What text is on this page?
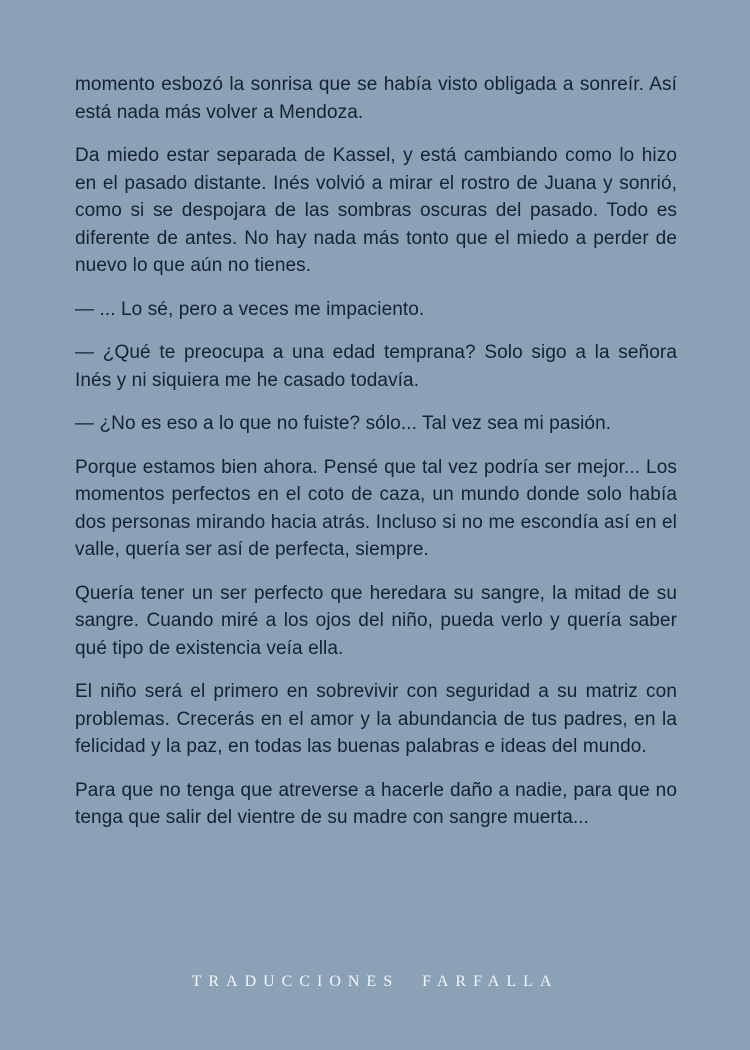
momento esbozó la sonrisa que se había visto obligada a sonreír. Así está nada más volver a Mendoza.

Da miedo estar separada de Kassel, y está cambiando como lo hizo en el pasado distante. Inés volvió a mirar el rostro de Juana y sonrió, como si se despojara de las sombras oscuras del pasado. Todo es diferente de antes. No hay nada más tonto que el miedo a perder de nuevo lo que aún no tienes.

— ... Lo sé, pero a veces me impaciento.

— ¿Qué te preocupa a una edad temprana? Solo sigo a la señora Inés y ni siquiera me he casado todavía.

— ¿No es eso a lo que no fuiste? sólo... Tal vez sea mi pasión.

Porque estamos bien ahora. Pensé que tal vez podría ser mejor... Los momentos perfectos en el coto de caza, un mundo donde solo había dos personas mirando hacia atrás. Incluso si no me escondía así en el valle, quería ser así de perfecta, siempre.

Quería tener un ser perfecto que heredara su sangre, la mitad de su sangre. Cuando miré a los ojos del niño, pueda verlo y quería saber qué tipo de existencia veía ella.

El niño será el primero en sobrevivir con seguridad a su matriz con problemas. Crecerás en el amor y la abundancia de tus padres, en la felicidad y la paz, en todas las buenas palabras e ideas del mundo.

Para que no tenga que atreverse a hacerle daño a nadie, para que no tenga que salir del vientre de su madre con sangre muerta...

TRADUCCIONES FARFALLA
